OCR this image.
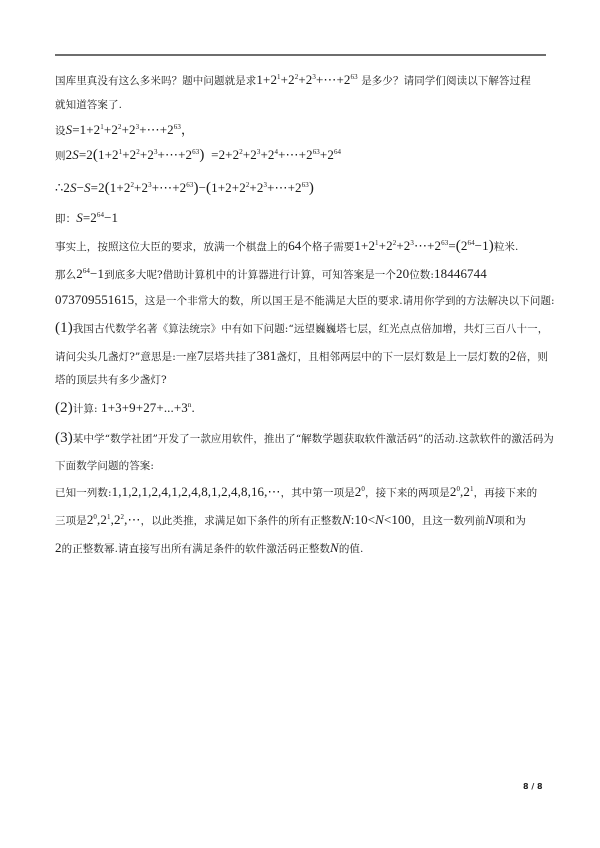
国库里真没有这么多米吗？题中问题就是求$1+2^1+2^2+2^3+\cdots+2^{63}$ 是多少？请同学们阅读以下解答过程
就知道答案了.
设$S=1+2^1+2^2+2^3+\cdots+2^{63}$，
则$2S=2(1+2^1+2^2+2^3+\cdots+2^{63})$  $=2+2^2+2^3+2^4+\cdots+2^{63}+2^{64}$
$\therefore 2S-S=2(1+2^2+2^3+\cdots+2^{63})-(1+2+2^2+2^3+\cdots+2^{63})$
即：$S=2^{64}-1$
事实上，按照这位大臣的要求，放满一个棋盘上的64个格子需要$1+2^1+2^2+2^3\cdots+2^{63}=(2^{64}-1)$粒米.
那么$2^{64}-1$到底多大呢?借助计算机中的计算器进行计算，可知答案是一个20位数:18446744
073709551615，这是一个非常大的数，所以国王是不能满足大臣的要求.请用你学到的方法解决以下问题:
(1)我国古代数学名著《算法统宗》中有如下问题:“远望巍巍塔七层，红光点点倍加增，共灯三百八十一，
请问尖头几盏灯?”意思是:一座7层塔共挂了381盏灯，且相邻两层中的下一层灯数是上一层灯数的2倍，则
塔的顶层共有多少盏灯?
(2)计算: $1+3+9+27+...+3^n$.
(3)某中学“数学社团”开发了一款应用软件，推出了“解数学题获取软件激活码”的活动.这款软件的激活码为
下面数学问题的答案:
已知一列数:1,1,2,1,2,4,1,2,4,8,1,2,4,8,16,⋯，其中第一项是$2^0$，接下来的两项是$2^0,2^1$，再接下来的
三项是$2^0,2^1,2^2,\cdots$，以此类推，求满足如下条件的所有正整数N:10<N<100，且这一数列前N项和为
2的正整数幂.请直接写出所有满足条件的软件激活码正整数N的值.
8 / 8
